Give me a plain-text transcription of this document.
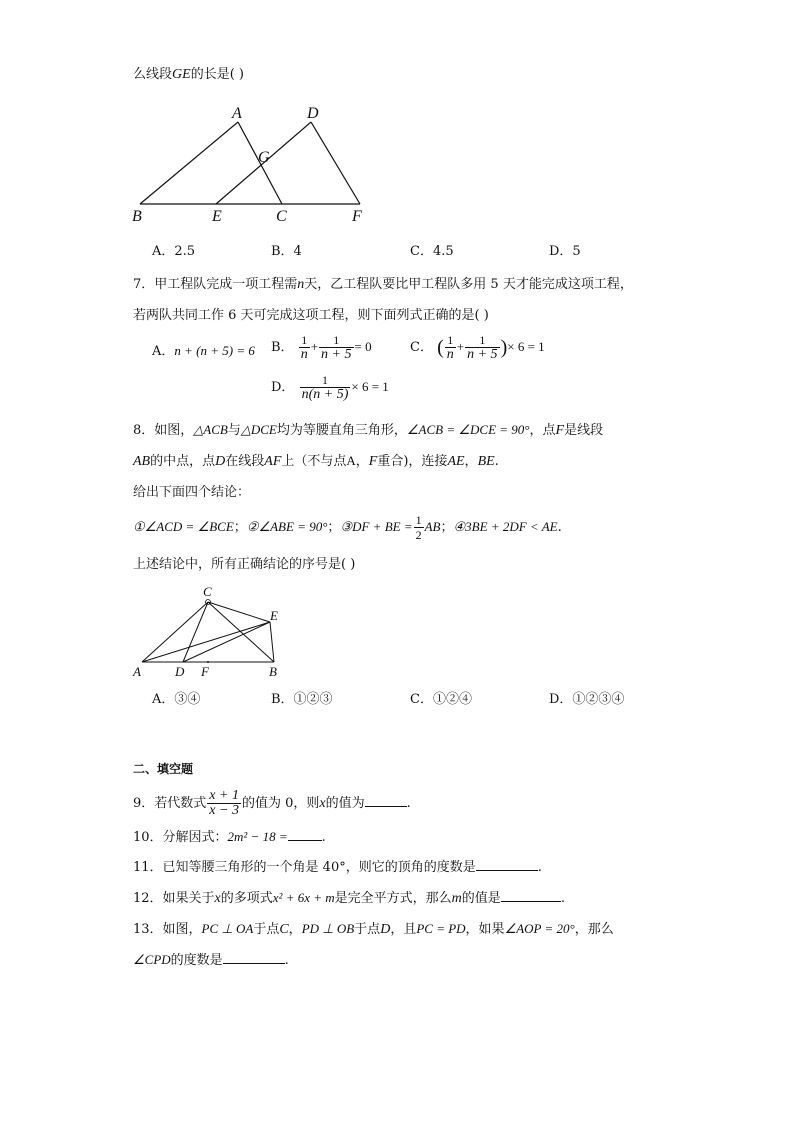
么线段GE的长是( )
A	D
G
B	E	C	F
A．2.5	B．4	C．4.5	D．5
7．甲工程队完成一项工程需n天，乙工程队要比甲工程队多用 5 天才能完成这项工程，
若两队共同工作 6 天可完成这项工程，则下面列式正确的是( )
A．n + (n + 5) = 6 B． $\frac{1}{n} + \frac{1}{n + 5} = 0$	C． ( $\frac{1}{n} + \frac{1}{n + 5}$ )× 6 = 1
D． $\frac{1}{n(n + 5)} \times 6 = 1$
8．如图，△ACB与△DCE均为等腰直角三角形，∠ACB = ∠DCE = 90°，点F是线段
AB的中点，点D在线段AF上（不与点A，F重合)，连接AE，BE.
给出下面四个结论：
①∠ACD = ∠BCE；②∠ABE = 90°；③DF + BE = $\frac{1}{2}$ AB；④3BE + 2DF < AE.
上述结论中，所有正确结论的序号是( )
C
E
A	D F	B
A．③④	B．①②③	C．①②④	D．①②③④
二、填空题
9．若代数式 $\frac{x + 1}{x - 3}$ 的值为 0，则x的值为	.
10．分解因式：2m² − 18 =	.
11．已知等腰三角形的一个角是 40°，则它的顶角的度数是	.
12．如果关于x的多项式x² + 6x + m是完全平方式，那么m的值是	.
13．如图，PC ⊥ OA于点C，PD ⊥ OB于点D，且PC = PD，如果∠AOP = 20°，那么
∠CPD的度数是	.
